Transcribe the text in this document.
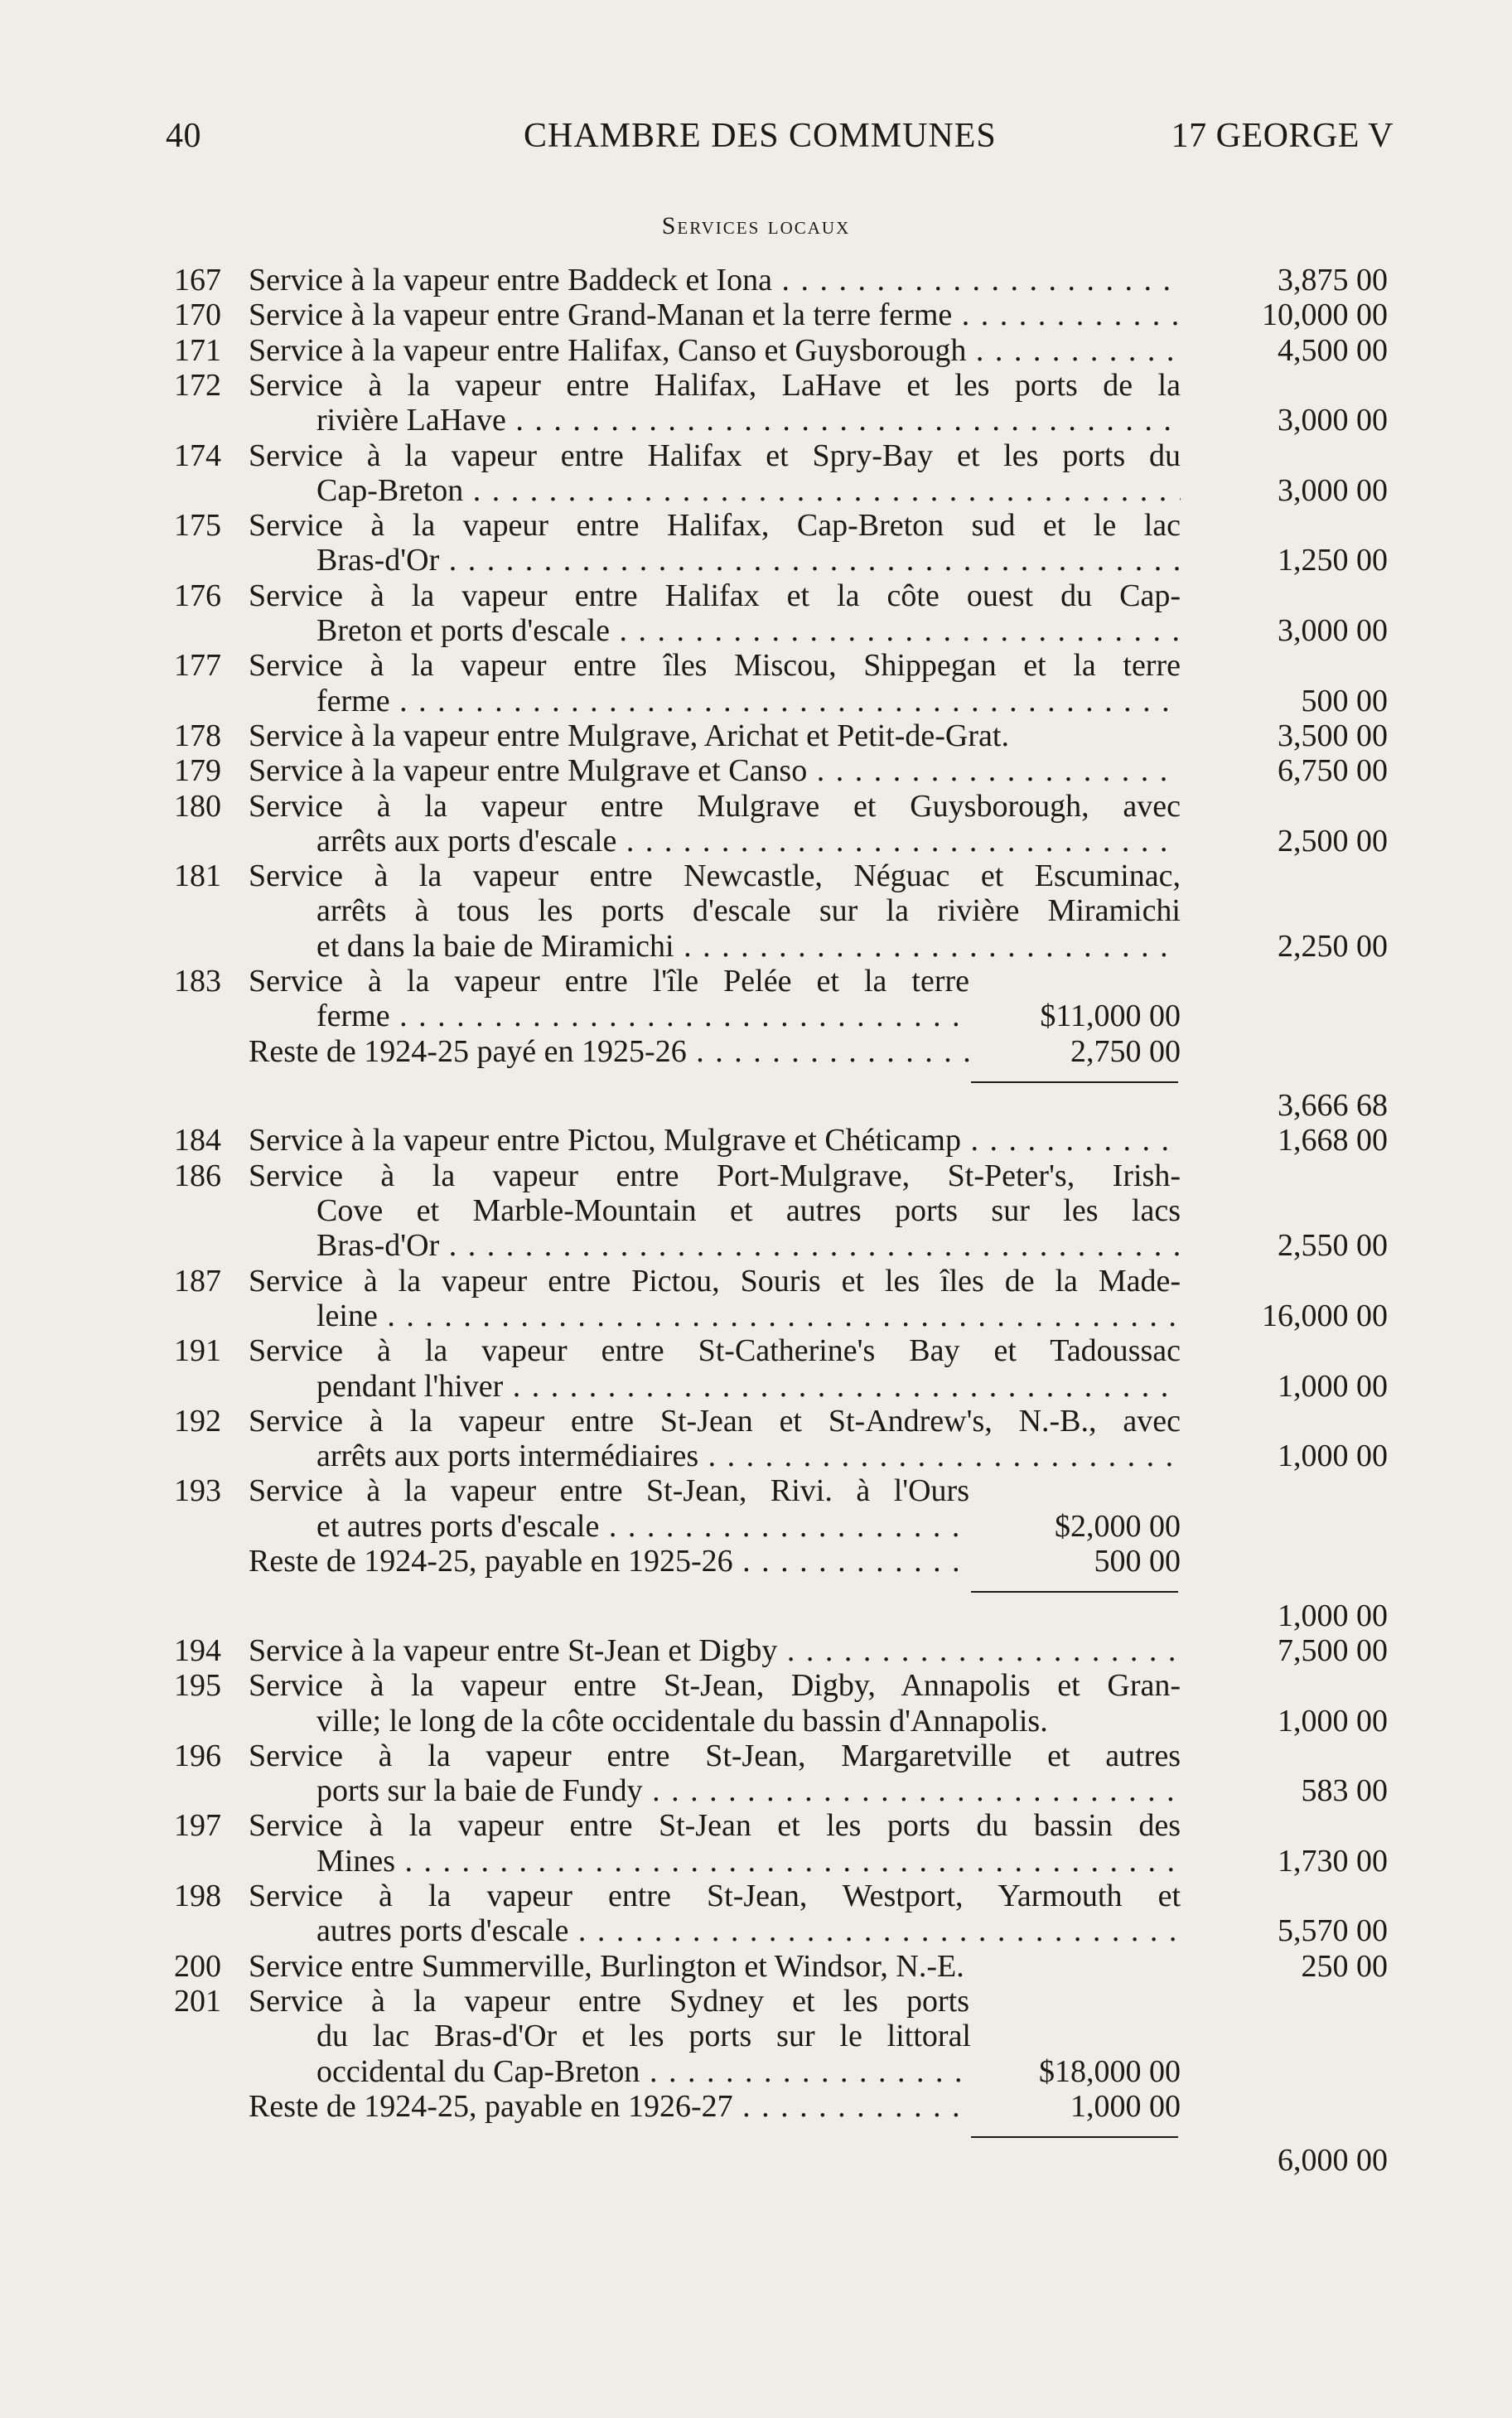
40	CHAMBRE DES COMMUNES	17 GEORGE V
Services locaux
167 Service à la vapeur entre Baddeck et Iona . . .	3,875 00
170 Service à la vapeur entre Grand-Manan et la terre ferme . . .	10,000 00
171 Service à la vapeur entre Halifax, Canso et Guysborough . . .	4,500 00
172 Service à la vapeur entre Halifax, LaHave et les ports de la
rivière LaHave . . .	3,000 00
174 Service à la vapeur entre Halifax et Spry-Bay et les ports du
Cap-Breton . . .	3,000 00
175 Service à la vapeur entre Halifax, Cap-Breton sud et le lac
Bras-d'Or . . .	1,250 00
176 Service à la vapeur entre Halifax et la côte ouest du Cap-
Breton et ports d'escale . . .	3,000 00
177 Service à la vapeur entre îles Miscou, Shippegan et la terre
ferme . . .	500 00
178 Service à la vapeur entre Mulgrave, Arichat et Petit-de-Grat.	3,500 00
179 Service à la vapeur entre Mulgrave et Canso . . .	6,750 00
180 Service à la vapeur entre Mulgrave et Guysborough, avec
arrêts aux ports d'escale . . .	2,500 00
181 Service à la vapeur entre Newcastle, Néguac et Escuminac,
arrêts à tous les ports d'escale sur la rivière Miramichi
et dans la baie de Miramichi . . .	2,250 00
183 Service à la vapeur entre l'île Pelée et la terre
ferme . . .	$11,000 00
Reste de 1924-25 payé en 1925-26 . . .	2,750 00
3,666 68
184 Service à la vapeur entre Pictou, Mulgrave et Chéticamp . . .	1,668 00
186 Service à la vapeur entre Port-Mulgrave, St-Peter's, Irish-
Cove et Marble-Mountain et autres ports sur les lacs
Bras-d'Or . . .	2,550 00
187 Service à la vapeur entre Pictou, Souris et les îles de la Made-
leine . . .	16,000 00
191 Service à la vapeur entre St-Catherine's Bay et Tadoussac
pendant l'hiver . . .	1,000 00
192 Service à la vapeur entre St-Jean et St-Andrew's, N.-B., avec
arrêts aux ports intermédiaires . . .	1,000 00
193 Service à la vapeur entre St-Jean, Rivi. à l'Ours
et autres ports d'escale . . .	$2,000 00
Reste de 1924-25, payable en 1925-26 . . .	500 00
1,000 00
194 Service à la vapeur entre St-Jean et Digby . . .	7,500 00
195 Service à la vapeur entre St-Jean, Digby, Annapolis et Gran-
ville; le long de la côte occidentale du bassin d'Annapolis.	1,000 00
196 Service à la vapeur entre St-Jean, Margaretville et autres
ports sur la baie de Fundy . . .	583 00
197 Service à la vapeur entre St-Jean et les ports du bassin des
Mines . . .	1,730 00
198 Service à la vapeur entre St-Jean, Westport, Yarmouth et
autres ports d'escale . . .	5,570 00
200 Service entre Summerville, Burlington et Windsor, N.-E.	250 00
201 Service à la vapeur entre Sydney et les ports
du lac Bras-d'Or et les ports sur le littoral
occidental du Cap-Breton . . .	$18,000 00
Reste de 1924-25, payable en 1926-27 . . .	1,000 00
6,000 00
